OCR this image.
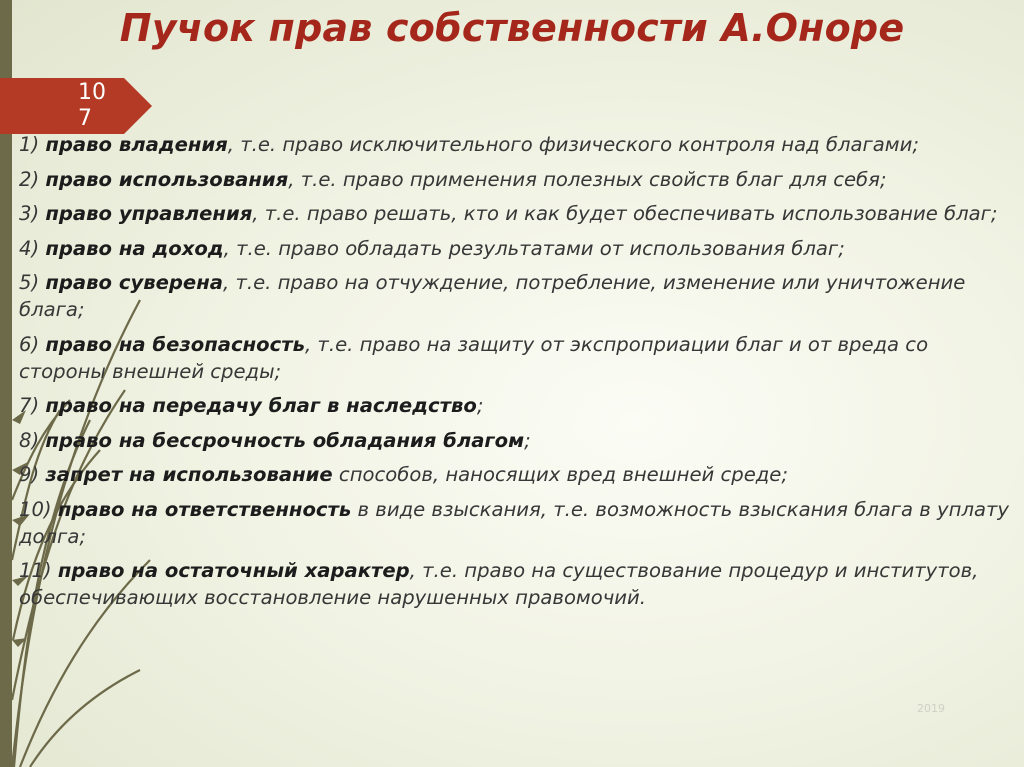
Пучок прав собственности А.Оноре
107
1) право владения, т.е. право исключительного физического контроля над благами;
2) право использования, т.е. право применения полезных свойств благ для себя;
3) право управления, т.е. право решать, кто и как будет обеспечивать использование благ;
4) право на доход, т.е. право обладать результатами от использования благ;
5) право суверена, т.е. право на отчуждение, потребление, изменение или уничтожение блага;
6) право на безопасность, т.е. право на защиту от экспроприации благ и от вреда со стороны внешней среды;
7) право на передачу благ в наследство;
8) право на бессрочность обладания благом;
9) запрет на использование способов, наносящих вред внешней среде;
10) право на ответственность в виде взыскания, т.е. возможность взыскания блага в уплату долга;
11) право на остаточный характер, т.е. право на существование процедур и институтов, обеспечивающих восстановление нарушенных правомочий.
2019
